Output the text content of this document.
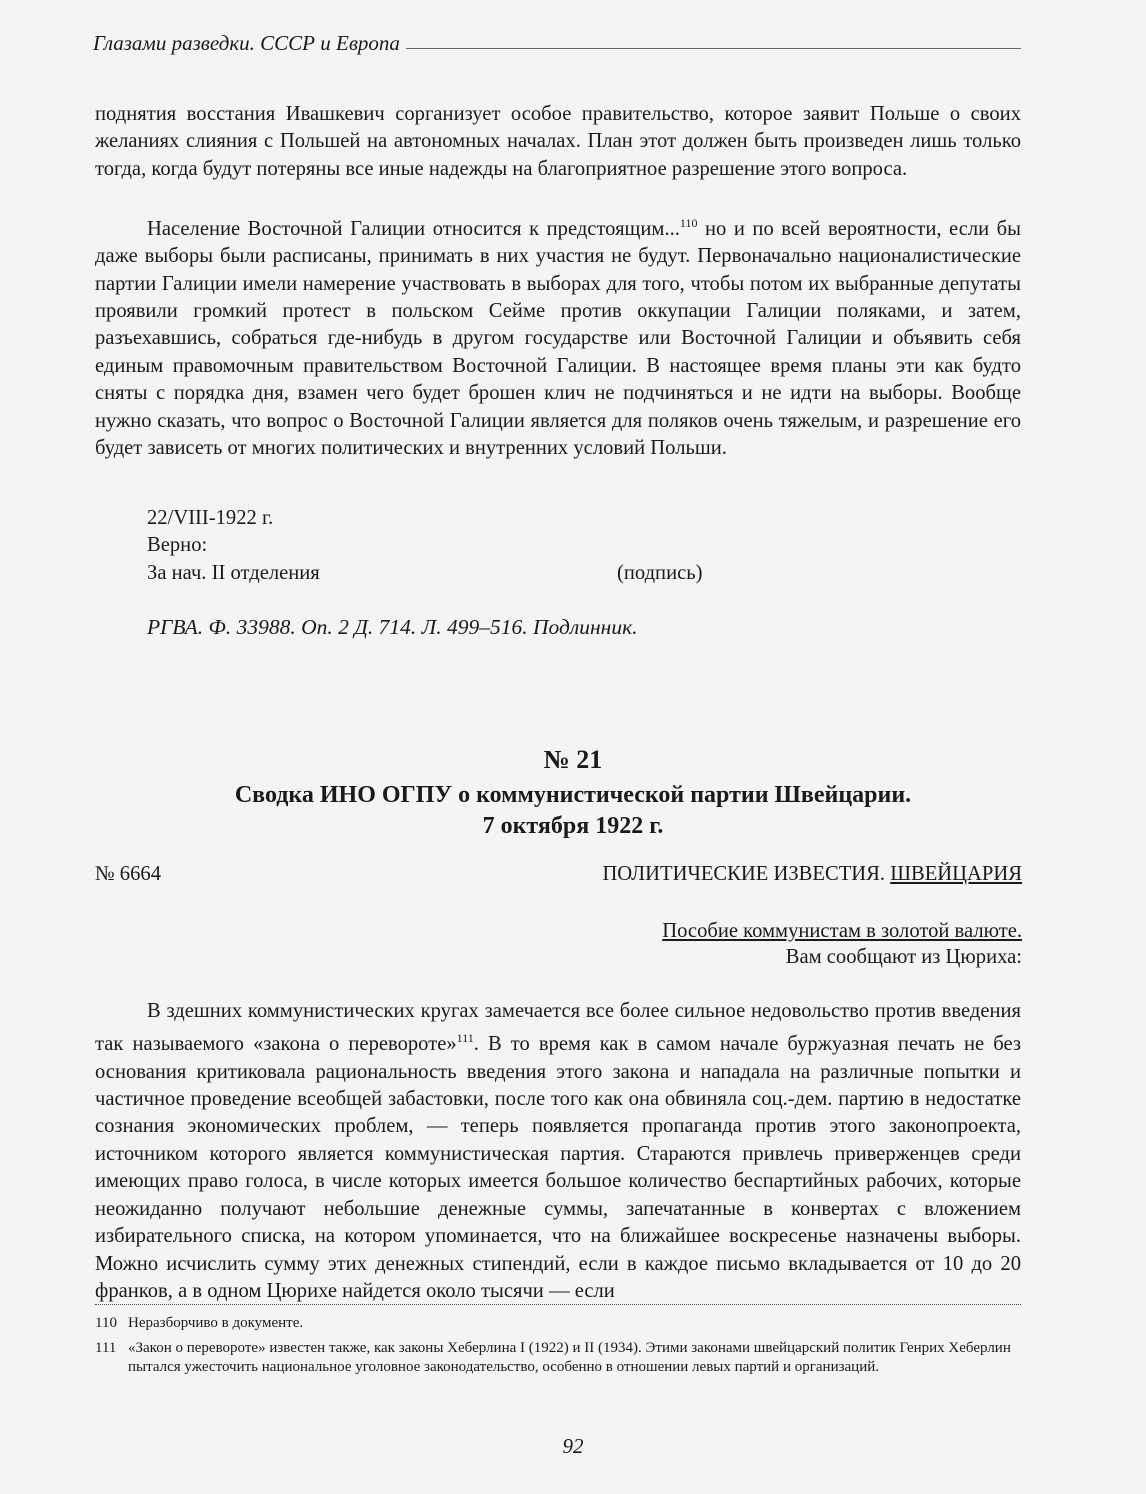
Глазами разведки. СССР и Европа

поднятия восстания Ивашкевич сорганизует особое правительство, которое заявит Польше о своих желаниях слияния с Польшей на автономных началах. План этот должен быть произведен лишь только тогда, когда будут потеряны все иные надежды на благоприятное разрешение этого вопроса.

Население Восточной Галиции относится к предстоящим...$^{110}$ но и по всей вероятности, если бы даже выборы были расписаны, принимать в них участия не будут. Первоначально националистические партии Галиции имели намерение участвовать в выборах для того, чтобы потом их выбранные депутаты проявили громкий протест в польском Сейме против оккупации Галиции поляками, и затем, разъехавшись, собраться где-нибудь в другом государстве или Восточной Галиции и объявить себя единым правомочным правительством Восточной Галиции. В настоящее время планы эти как будто сняты с порядка дня, взамен чего будет брошен клич не подчиняться и не идти на выборы. Вообще нужно сказать, что вопрос о Восточной Галиции является для поляков очень тяжелым, и разрешение его будет зависеть от многих политических и внутренних условий Польши.

22/VIII-1922 г.

Верно:

За нач. II отделения	(подпись)

РГВА. Ф. 33988. Оп. 2 Д. 714. Л. 499–516. Подлинник.

№ 21
Сводка ИНО ОГПУ о коммунистической партии Швейцарии.
7 октября 1922 г.

№ 6664	ПОЛИТИЧЕСКИЕ ИЗВЕСТИЯ. ШВЕЙЦАРИЯ
Пособие коммунистам в золотой валюте.
Вам сообщают из Цюриха:

В здешних коммунистических кругах замечается все более сильное недовольство против введения так называемого «закона о перевороте»$^{111}$. В то время как в самом начале буржуазная печать не без основания критиковала рациональность введения этого закона и нападала на различные попытки и частичное проведение всеобщей забастовки, после того как она обвиняла соц.-дем. партию в недостатке сознания экономических проблем, — теперь появляется пропаганда против этого законопроекта, источником которого является коммунистическая партия. Стараются привлечь приверженцев среди имеющих право голоса, в числе которых имеется большое количество беспартийных рабочих, которые неожиданно получают небольшие денежные суммы, запечатанные в конвертах с вложением избирательного списка, на котором упоминается, что на ближайшее воскресенье назначены выборы. Можно исчислить сумму этих денежных стипендий, если в каждое письмо вкладывается от 10 до 20 франков, а в одном Цюрихе найдется около тысячи — если

110 Неразборчиво в документе.
111 «Закон о перевороте» известен также, как законы Хеберлина I (1922) и II (1934). Этими законами швейцарский политик Генрих Хеберлин пытался ужесточить национальное уголовное законодательство, особенно в отношении левых партий и организаций.
92
